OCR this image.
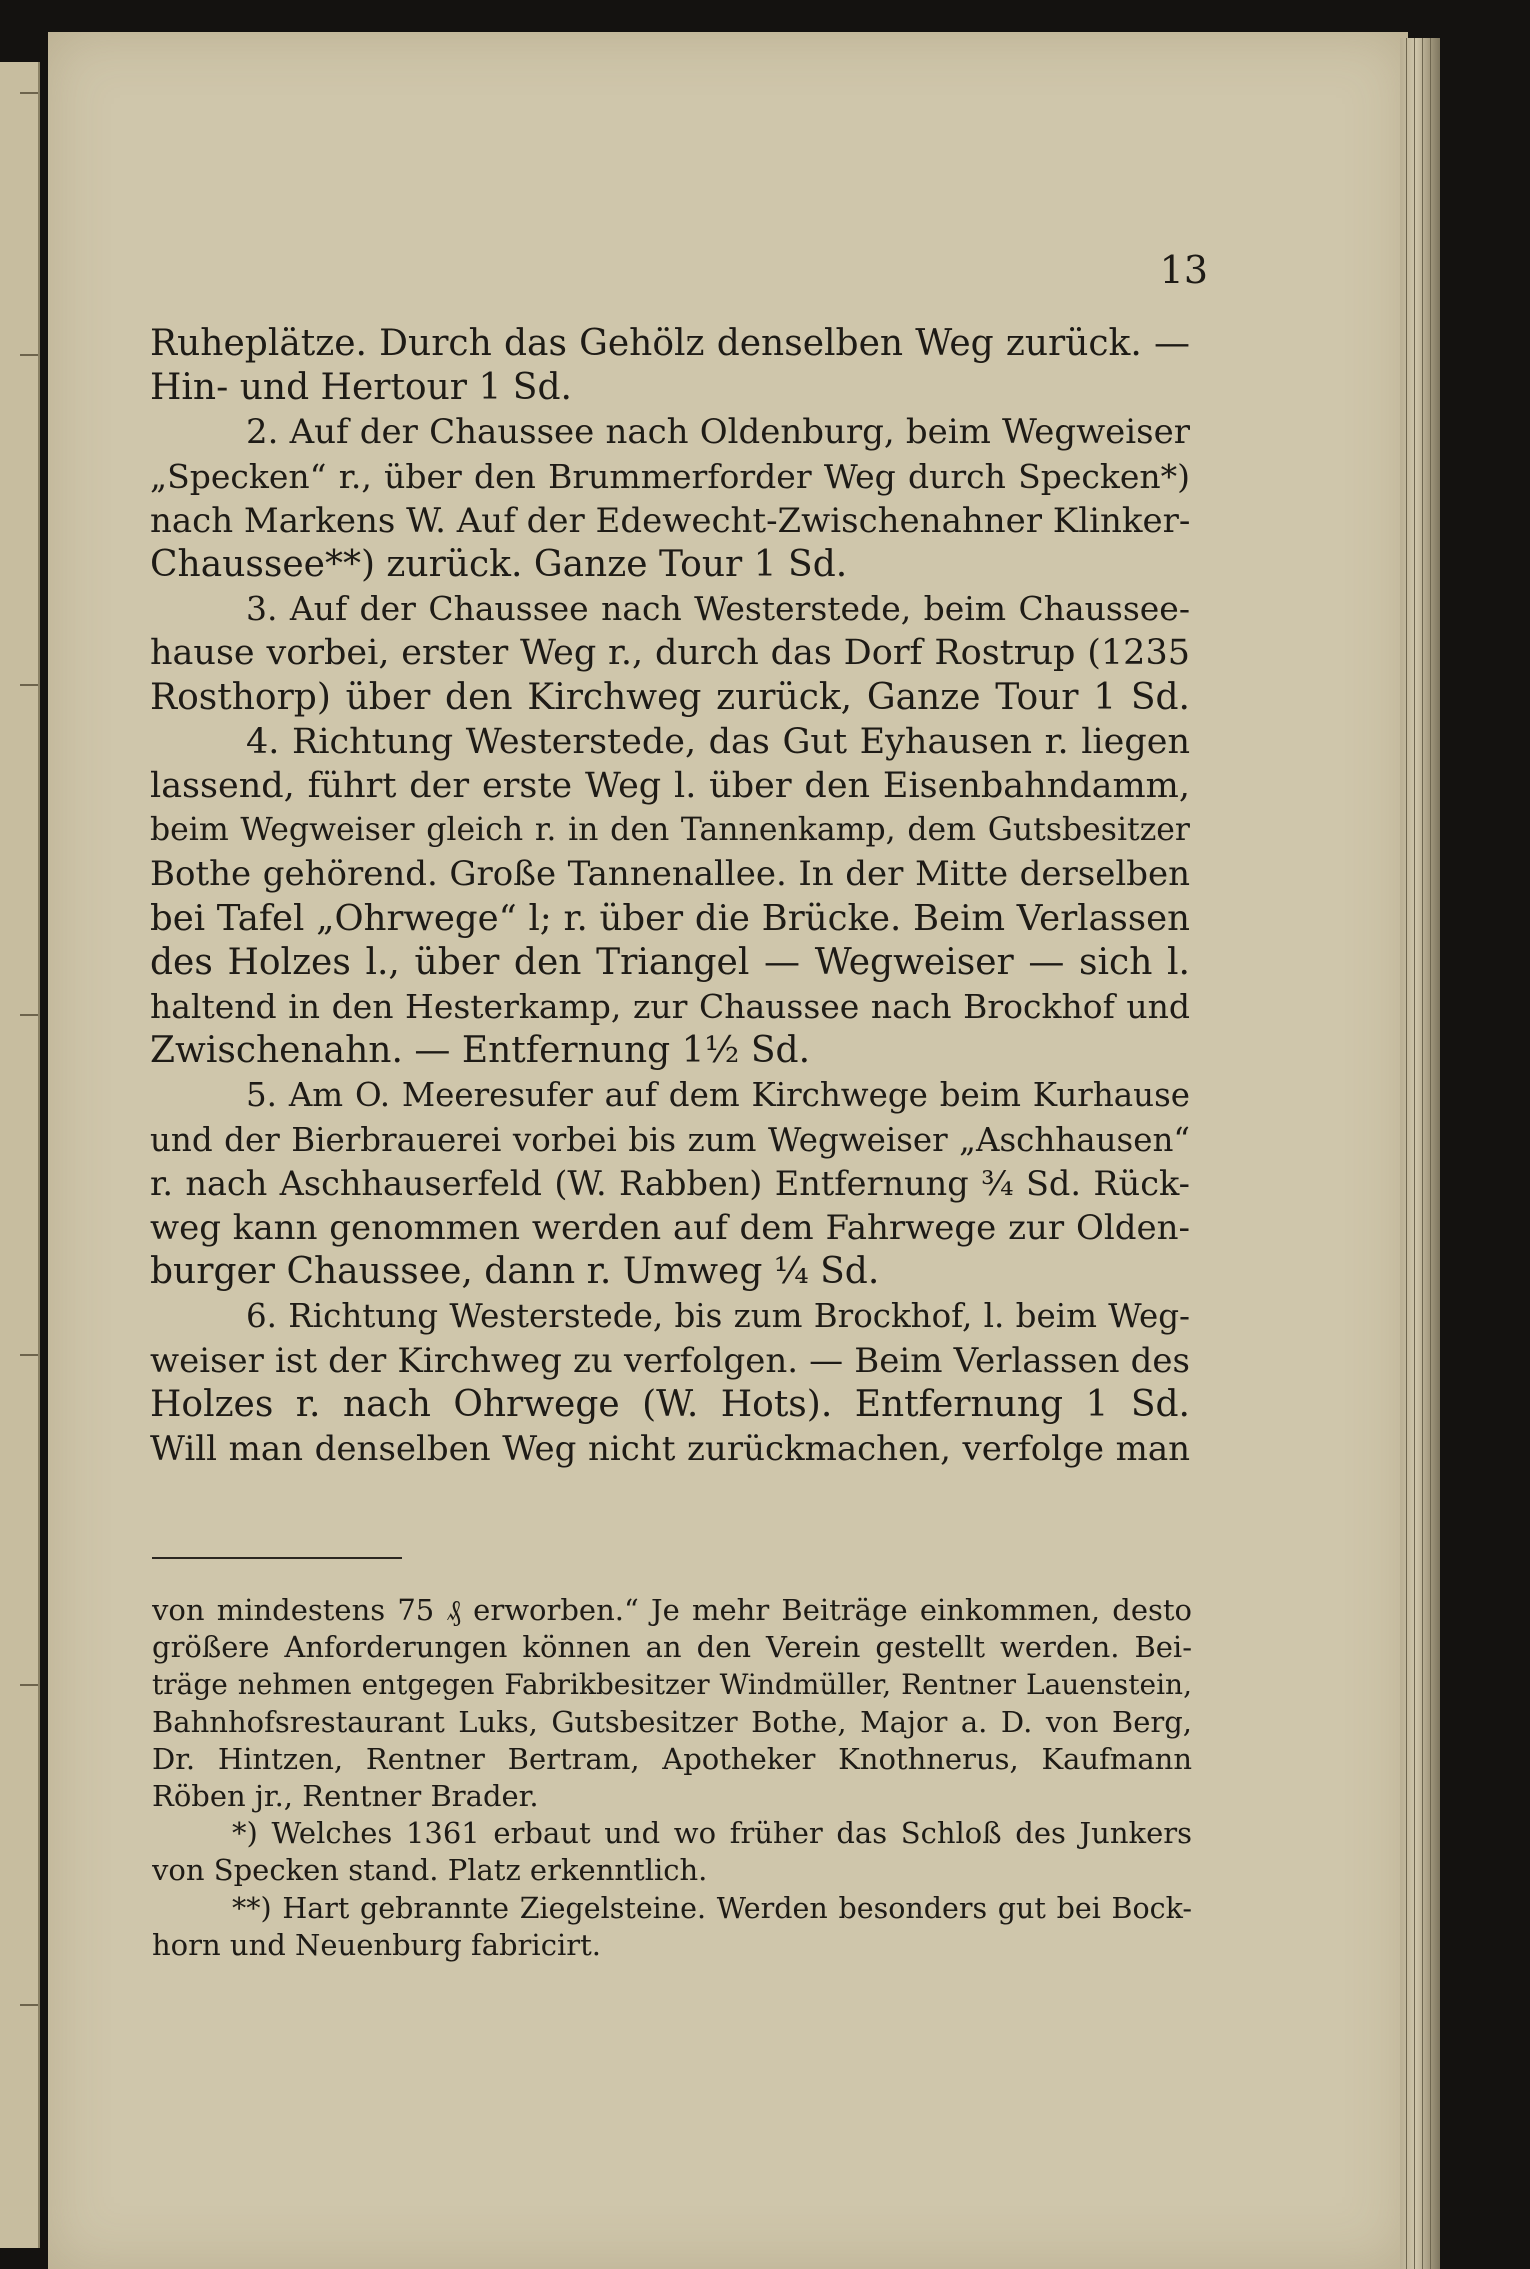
13
Ruheplätze. Durch das Gehölz denselben Weg zurück. —
Hin- und Hertour 1 Sd.
2. Auf der Chaussee nach Oldenburg, beim Wegweiser
„Specken“ r., über den Brummerforder Weg durch Specken*)
nach Markens W. Auf der Edewecht-Zwischenahner Klinker-
Chaussee**) zurück. Ganze Tour 1 Sd.
3. Auf der Chaussee nach Westerstede, beim Chaussee-
hause vorbei, erster Weg r., durch das Dorf Rostrup (1235
Rosthorp) über den Kirchweg zurück, Ganze Tour 1 Sd.
4. Richtung Westerstede, das Gut Eyhausen r. liegen
lassend, führt der erste Weg l. über den Eisenbahndamm,
beim Wegweiser gleich r. in den Tannenkamp, dem Gutsbesitzer
Bothe gehörend. Große Tannenallee. In der Mitte derselben
bei Tafel „Ohrwege“ l; r. über die Brücke. Beim Verlassen
des Holzes l., über den Triangel — Wegweiser — sich l.
haltend in den Hesterkamp, zur Chaussee nach Brockhof und
Zwischenahn. — Entfernung 1½ Sd.
5. Am O. Meeresufer auf dem Kirchwege beim Kurhause
und der Bierbrauerei vorbei bis zum Wegweiser „Aschhausen“
r. nach Aschhauserfeld (W. Rabben) Entfernung ¾ Sd. Rück-
weg kann genommen werden auf dem Fahrwege zur Olden-
burger Chaussee, dann r. Umweg ¼ Sd.
6. Richtung Westerstede, bis zum Brockhof, l. beim Weg-
weiser ist der Kirchweg zu verfolgen. — Beim Verlassen des
Holzes r. nach Ohrwege (W. Hots). Entfernung 1 Sd.
Will man denselben Weg nicht zurückmachen, verfolge man
von mindestens 75 ₰ erworben.“ Je mehr Beiträge einkommen, desto
größere Anforderungen können an den Verein gestellt werden. Bei-
träge nehmen entgegen Fabrikbesitzer Windmüller, Rentner Lauenstein,
Bahnhofsrestaurant Luks, Gutsbesitzer Bothe, Major a. D. von Berg,
Dr. Hintzen, Rentner Bertram, Apotheker Knothnerus, Kaufmann
Röben jr., Rentner Brader.
*) Welches 1361 erbaut und wo früher das Schloß des Junkers
von Specken stand. Platz erkenntlich.
**) Hart gebrannte Ziegelsteine. Werden besonders gut bei Bock-
horn und Neuenburg fabricirt.
